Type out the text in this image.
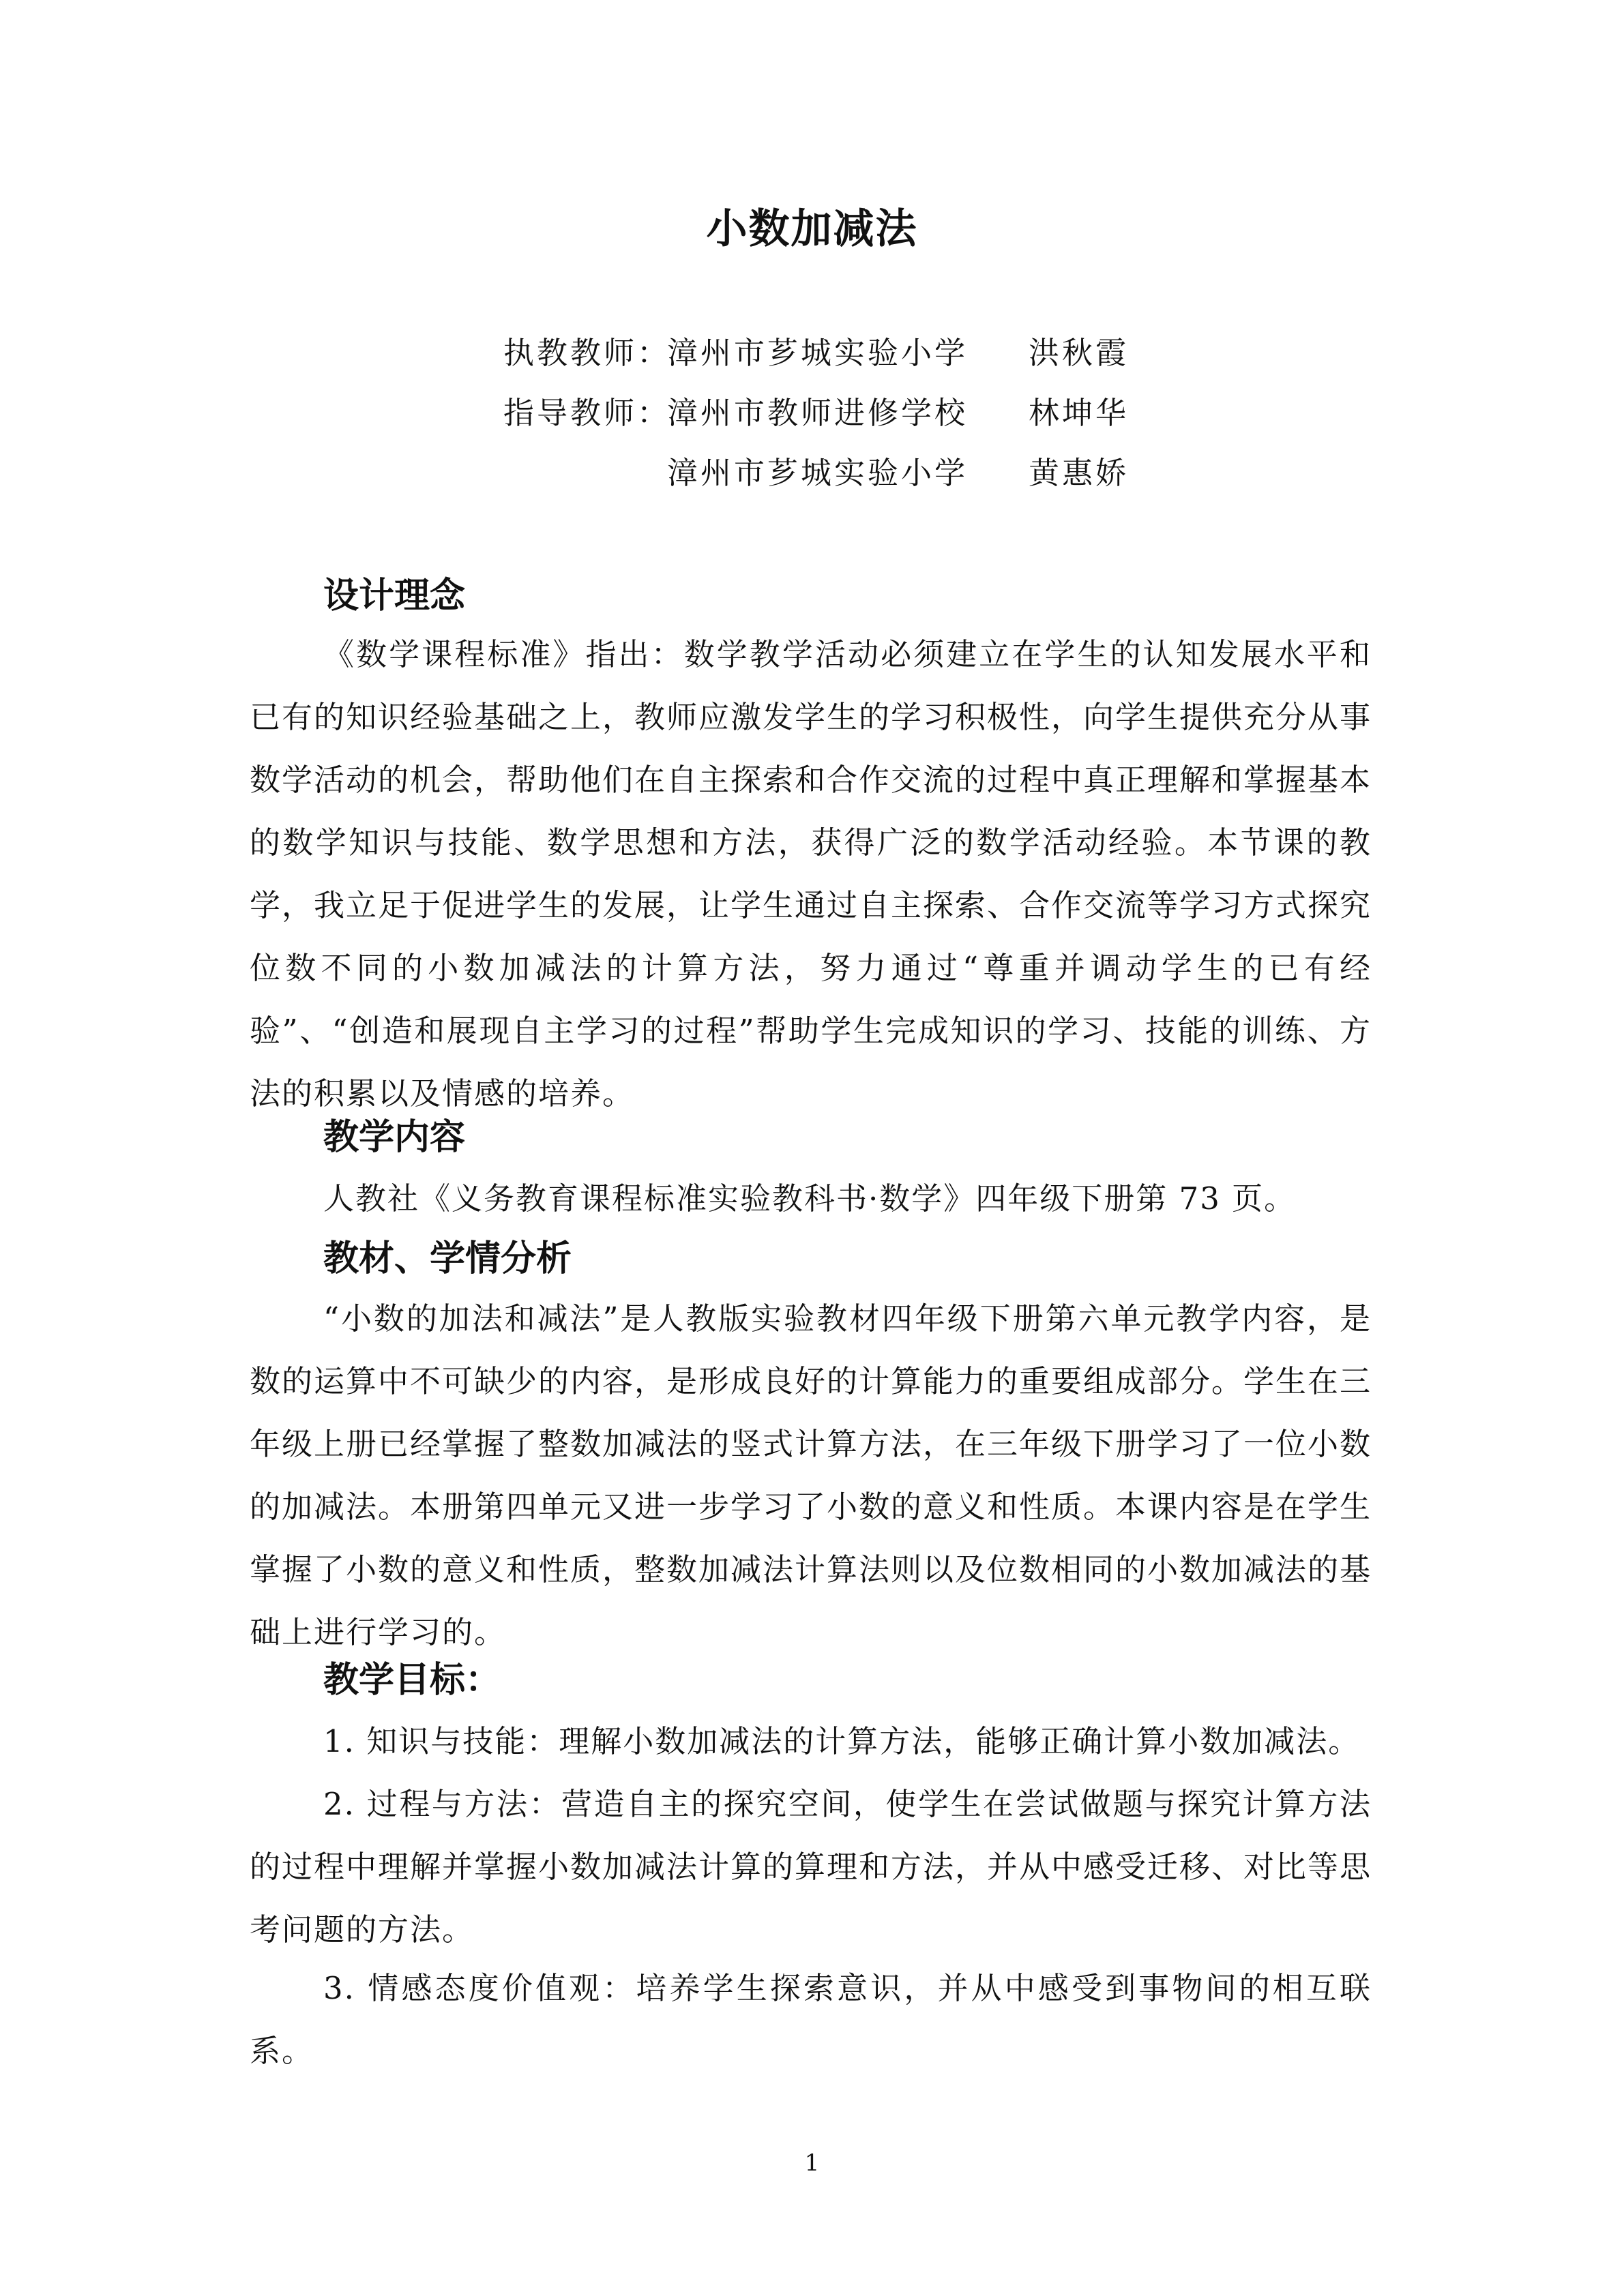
小数加减法
执教教师：
漳州市芗城实验小学 洪秋霞
指导教师：
漳州市教师进修学校 林坤华
漳州市芗城实验小学 黄惠娇
设计理念
《数学课程标准》指出：数学教学活动必须建立在学生的认知发展水平和已有的知识经验基础之上，教师应激发学生的学习积极性，向学生提供充分从事数学活动的机会，帮助他们在自主探索和合作交流的过程中真正理解和掌握基本的数学知识与技能、数学思想和方法，获得广泛的数学活动经验。本节课的教学，我立足于促进学生的发展，让学生通过自主探索、合作交流等学习方式探究位数不同的小数加减法的计算方法，努力通过“尊重并调动学生的已有经验”、“创造和展现自主学习的过程”帮助学生完成知识的学习、技能的训练、方法的积累以及情感的培养。
教学内容
人教社《义务教育课程标准实验教科书·数学》四年级下册第 73 页。
教材、学情分析
“小数的加法和减法”是人教版实验教材四年级下册第六单元教学内容，是数的运算中不可缺少的内容，是形成良好的计算能力的重要组成部分。学生在三年级上册已经掌握了整数加减法的竖式计算方法，在三年级下册学习了一位小数的加减法。本册第四单元又进一步学习了小数的意义和性质。本课内容是在学生掌握了小数的意义和性质，整数加减法计算法则以及位数相同的小数加减法的基础上进行学习的。
教学目标：
1. 知识与技能：理解小数加减法的计算方法，能够正确计算小数加减法。
2. 过程与方法：营造自主的探究空间，使学生在尝试做题与探究计算方法的过程中理解并掌握小数加减法计算的算理和方法，并从中感受迁移、对比等思考问题的方法。
3. 情感态度价值观：培养学生探索意识，并从中感受到事物间的相互联系。
1
